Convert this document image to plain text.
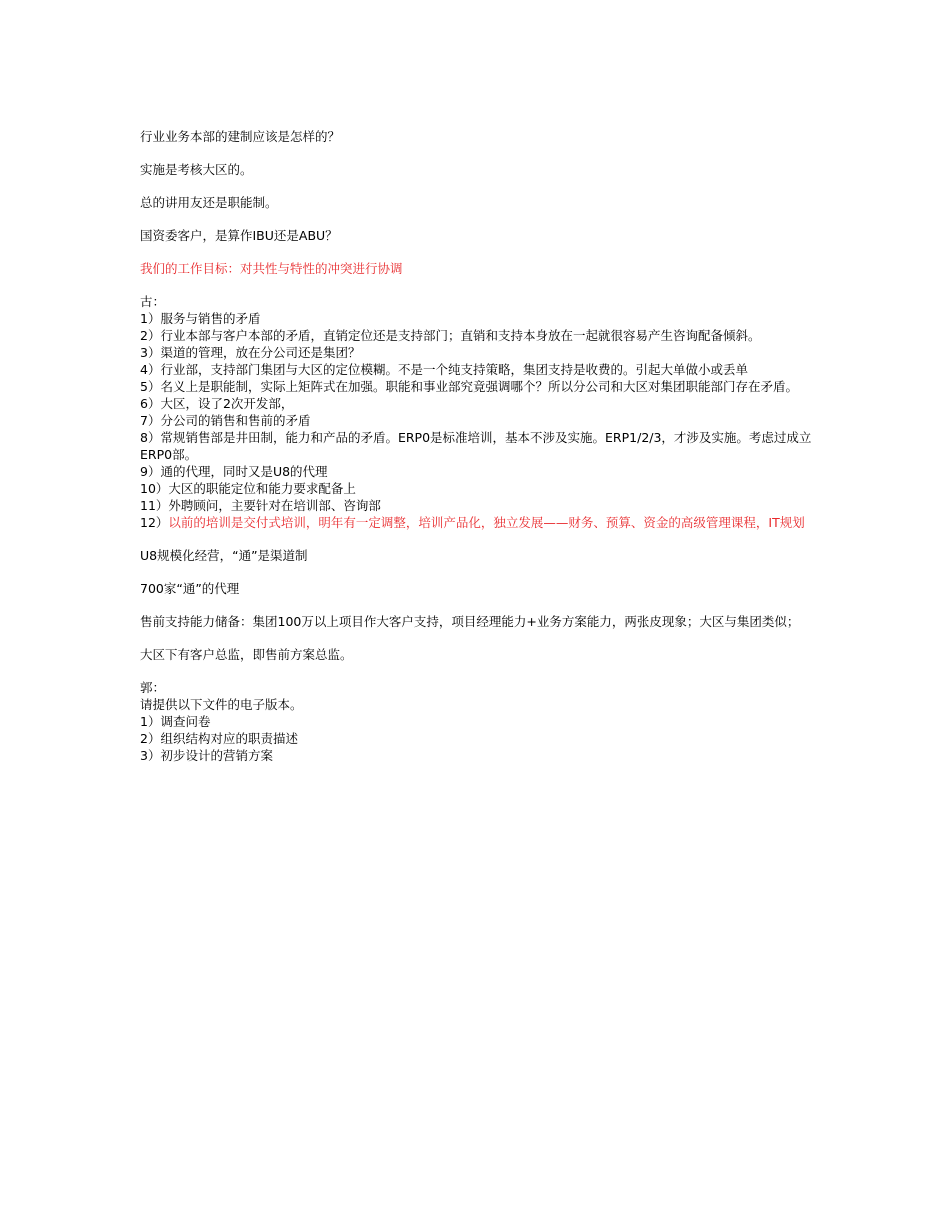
行业业务本部的建制应该是怎样的？

实施是考核大区的。

总的讲用友还是职能制。

国资委客户，是算作IBU还是ABU？

我们的工作目标：对共性与特性的冲突进行协调

古：

1）服务与销售的矛盾

2）行业本部与客户本部的矛盾，直销定位还是支持部门；直销和支持本身放在一起就很容易产生咨询配备倾斜。

3）渠道的管理，放在分公司还是集团？

4）行业部，支持部门集团与大区的定位模糊。不是一个纯支持策略，集团支持是收费的。引起大单做小或丢单

5）名义上是职能制，实际上矩阵式在加强。职能和事业部究竟强调哪个？所以分公司和大区对集团职能部门存在矛盾。

6）大区，设了2次开发部，

7）分公司的销售和售前的矛盾

8）常规销售部是井田制，能力和产品的矛盾。ERP0是标准培训，基本不涉及实施。ERP1/2/3，才涉及实施。考虑过成立ERP0部。

9）通的代理，同时又是U8的代理

10）大区的职能定位和能力要求配备上

11）外聘顾问，主要针对在培训部、咨询部

12）以前的培训是交付式培训，明年有一定调整，培训产品化，独立发展——财务、预算、资金的高级管理课程，IT规划

U8规模化经营，“通”是渠道制

700家“通”的代理

售前支持能力储备：集团100万以上项目作大客户支持，项目经理能力+业务方案能力，两张皮现象；大区与集团类似；

大区下有客户总监，即售前方案总监。

郭：

请提供以下文件的电子版本。

1）调查问卷

2）组织结构对应的职责描述

3）初步设计的营销方案
